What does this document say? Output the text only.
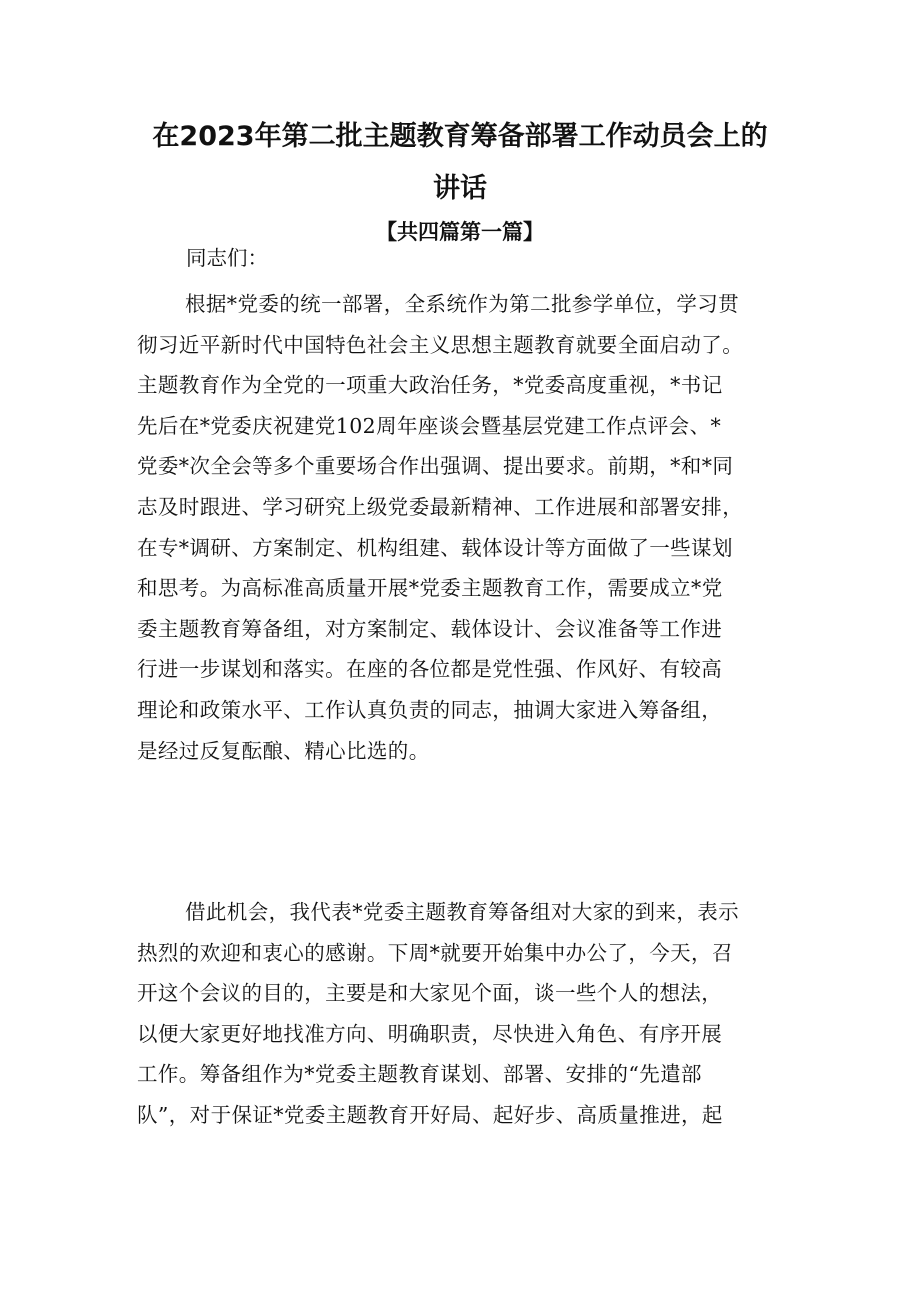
在2023年第二批主题教育筹备部署工作动员会上的
讲话
【共四篇第一篇】
同志们：
根据*党委的统一部署，全系统作为第二批参学单位，学习贯
彻习近平新时代中国特色社会主义思想主题教育就要全面启动了。
主题教育作为全党的一项重大政治任务，*党委高度重视，*书记
先后在*党委庆祝建党102周年座谈会暨基层党建工作点评会、*
党委*次全会等多个重要场合作出强调、提出要求。前期，*和*同
志及时跟进、学习研究上级党委最新精神、工作进展和部署安排，
在专*调研、方案制定、机构组建、载体设计等方面做了一些谋划
和思考。为高标准高质量开展*党委主题教育工作，需要成立*党
委主题教育筹备组，对方案制定、载体设计、会议准备等工作进
行进一步谋划和落实。在座的各位都是党性强、作风好、有较高
理论和政策水平、工作认真负责的同志，抽调大家进入筹备组，
是经过反复酝酿、精心比选的。
借此机会，我代表*党委主题教育筹备组对大家的到来，表示
热烈的欢迎和衷心的感谢。下周*就要开始集中办公了，今天，召
开这个会议的目的，主要是和大家见个面，谈一些个人的想法，
以便大家更好地找准方向、明确职责，尽快进入角色、有序开展
工作。筹备组作为*党委主题教育谋划、部署、安排的“先遣部
队”，对于保证*党委主题教育开好局、起好步、高质量推进，起
